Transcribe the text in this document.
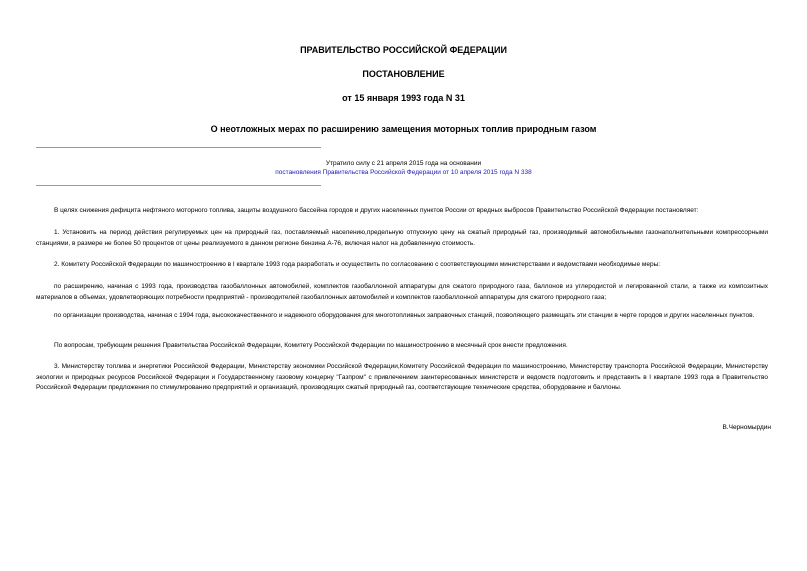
ПРАВИТЕЛЬСТВО РОССИЙСКОЙ ФЕДЕРАЦИИ
ПОСТАНОВЛЕНИЕ
от 15 января 1993 года N 31
О неотложных мерах по расширению замещения моторных топлив природным газом
Утратило силу с 21 апреля 2015 года на основании
постановления Правительства Российской Федерации от 10 апреля 2015 года N 338

В целях снижения дефицита нефтяного моторного топлива, защиты воздушного бассейна городов и других населенных пунктов России от вредных выбросов Правительство Российской Федерации постановляет:

1. Установить на период действия регулируемых цен на природный газ, поставляемый населению,предельную отпускную цену на сжатый природный газ, производимый автомобильными газонаполнительными компрессорными станциями, в размере не более 50 процентов от цены реализуемого в данном регионе бензина А-76, включая налог на добавленную стоимость.

2. Комитету Российской Федерации по машиностроению в I квартале 1993 года разработать и осуществить по согласованию с соответствующими министерствами и ведомствами необходимые меры:

по расширению, начиная с 1993 года, производства газобаллонных автомобилей, комплектов газобаллонной аппаратуры для сжатого природного газа, баллонов из углеродистой и легированной стали, а также из композитных материалов в объемах, удовлетворяющих потребности предприятий - производителей газобаллонных автомобилей и комплектов газобаллонной аппаратуры для сжатого природного газа;

по организации производства, начиная с 1994 года, высококачественного и надежного оборудования для многотопливных заправочных станций, позволяющего размещать эти станции в черте городов и других населенных пунктов.

По вопросам, требующим решения Правительства Российской Федерации, Комитету Российской Федерации по машиностроению в месячный срок внести предложения.

3. Министерству топлива и энергетики Российской Федерации, Министерству экономики Российской Федерации,Комитету Российской Федерации по машиностроению, Министерству транспорта Российской Федерации, Министерству экологии и природных ресурсов Российской Федерации и Государственному газовому концерну "Газпром" с привлечением заинтересованных министерств и ведомств подготовить и представить в I квартале 1993 года в Правительство Российской Федерации предложения по стимулированию предприятий и организаций, производящих сжатый природный газ, соответствующие технические средства, оборудование и баллоны.

В.Черномырдин
